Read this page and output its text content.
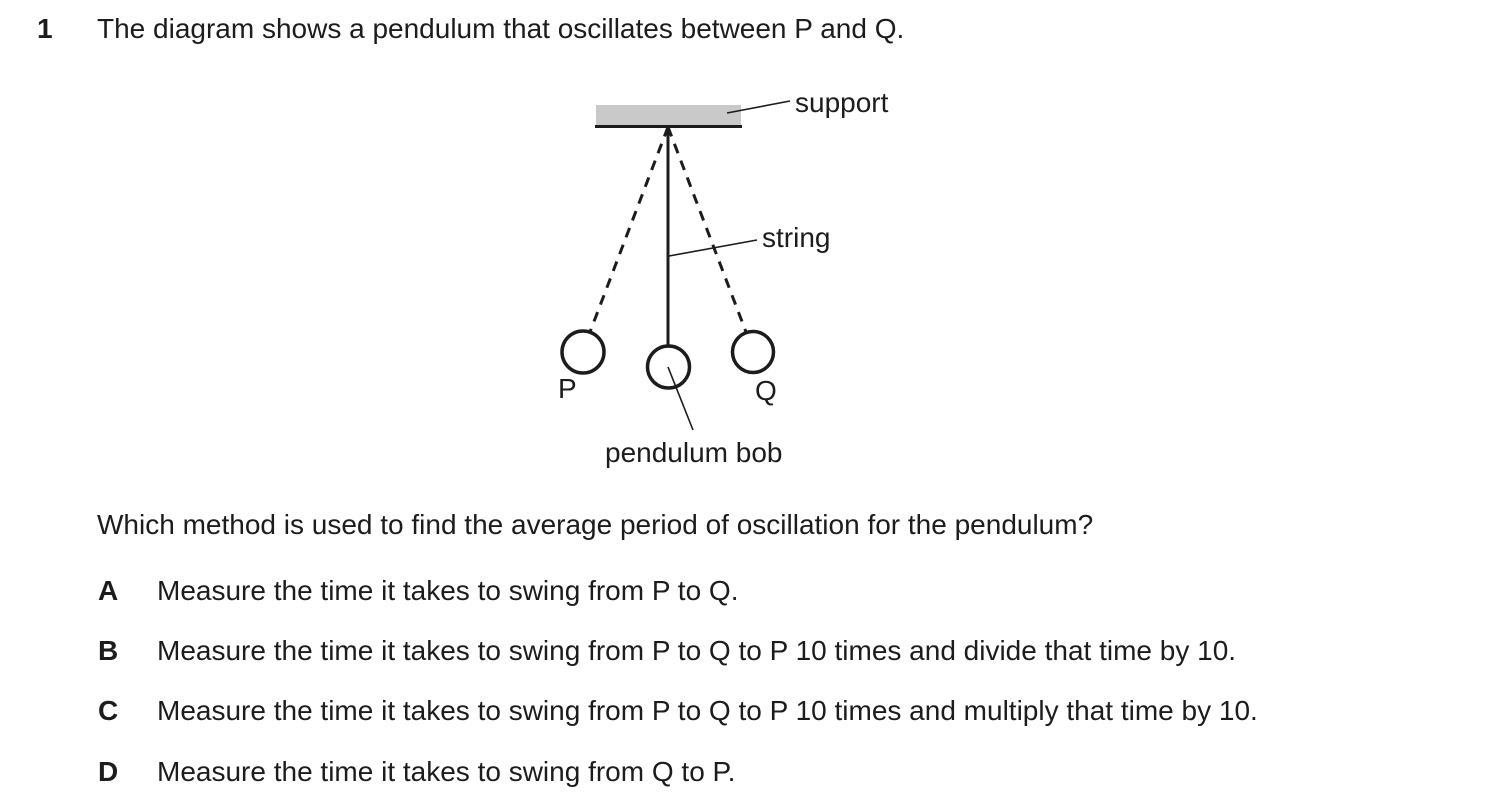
1 The diagram shows a pendulum that oscillates between P and Q.
support
string
P	Q
pendulum bob
Which method is used to find the average period of oscillation for the pendulum?
A Measure the time it takes to swing from P to Q.
B Measure the time it takes to swing from P to Q to P 10 times and divide that time by 10.
C Measure the time it takes to swing from P to Q to P 10 times and multiply that time by 10.
D Measure the time it takes to swing from Q to P.
